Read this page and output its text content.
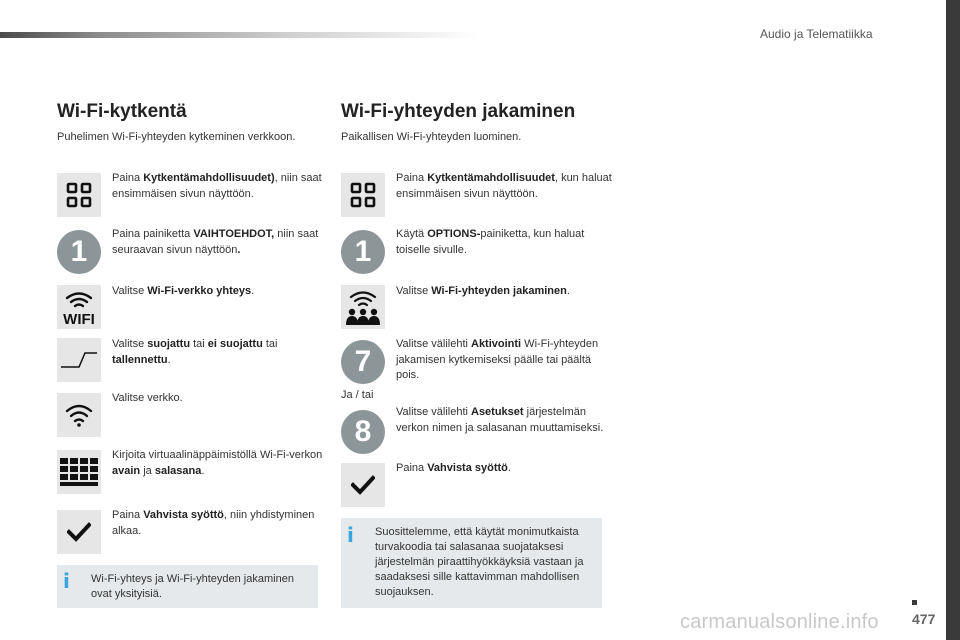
Audio ja Telematiikka
477
carmanualsonline.info
Wi-Fi-kytkentä
Puhelimen Wi-Fi-yhteyden kytkeminen verkkoon.
Paina Kytkentämahdollisuudet), niin saat ensimmäisen sivun näyttöön.
1
Paina painiketta VAIHTOEHDOT, niin saat seuraavan sivun näyttöön.
WIFI
Valitse Wi-Fi-verkko yhteys.
Valitse suojattu tai ei suojattu tai tallennettu.
Valitse verkko.
Kirjoita virtuaalinäppäimistöllä Wi-Fi-verkon avain ja salasana.
Paina Vahvista syöttö, niin yhdistyminen alkaa.
i Wi-Fi-yhteys ja Wi-Fi-yhteyden jakaminen ovat yksityisiä.
Wi-Fi-yhteyden jakaminen
Paikallisen Wi-Fi-yhteyden luominen.
Paina Kytkentämahdollisuudet, kun haluat ensimmäisen sivun näyttöön.
1
Käytä OPTIONS-painiketta, kun haluat toiselle sivulle.
Valitse Wi-Fi-yhteyden jakaminen.
7
Valitse välilehti Aktivointi Wi-Fi-yhteyden jakamisen kytkemiseksi päälle tai päältä pois.
Ja / tai
8
Valitse välilehti Asetukset järjestelmän verkon nimen ja salasanan muuttamiseksi.
Paina Vahvista syöttö.
i Suosittelemme, että käytät monimutkaista turvakoodia tai salasanaa suojataksesi järjestelmän piraattihyökkäyksiä vastaan ja saadaksesi sille kattavimman mahdollisen suojauksen.
